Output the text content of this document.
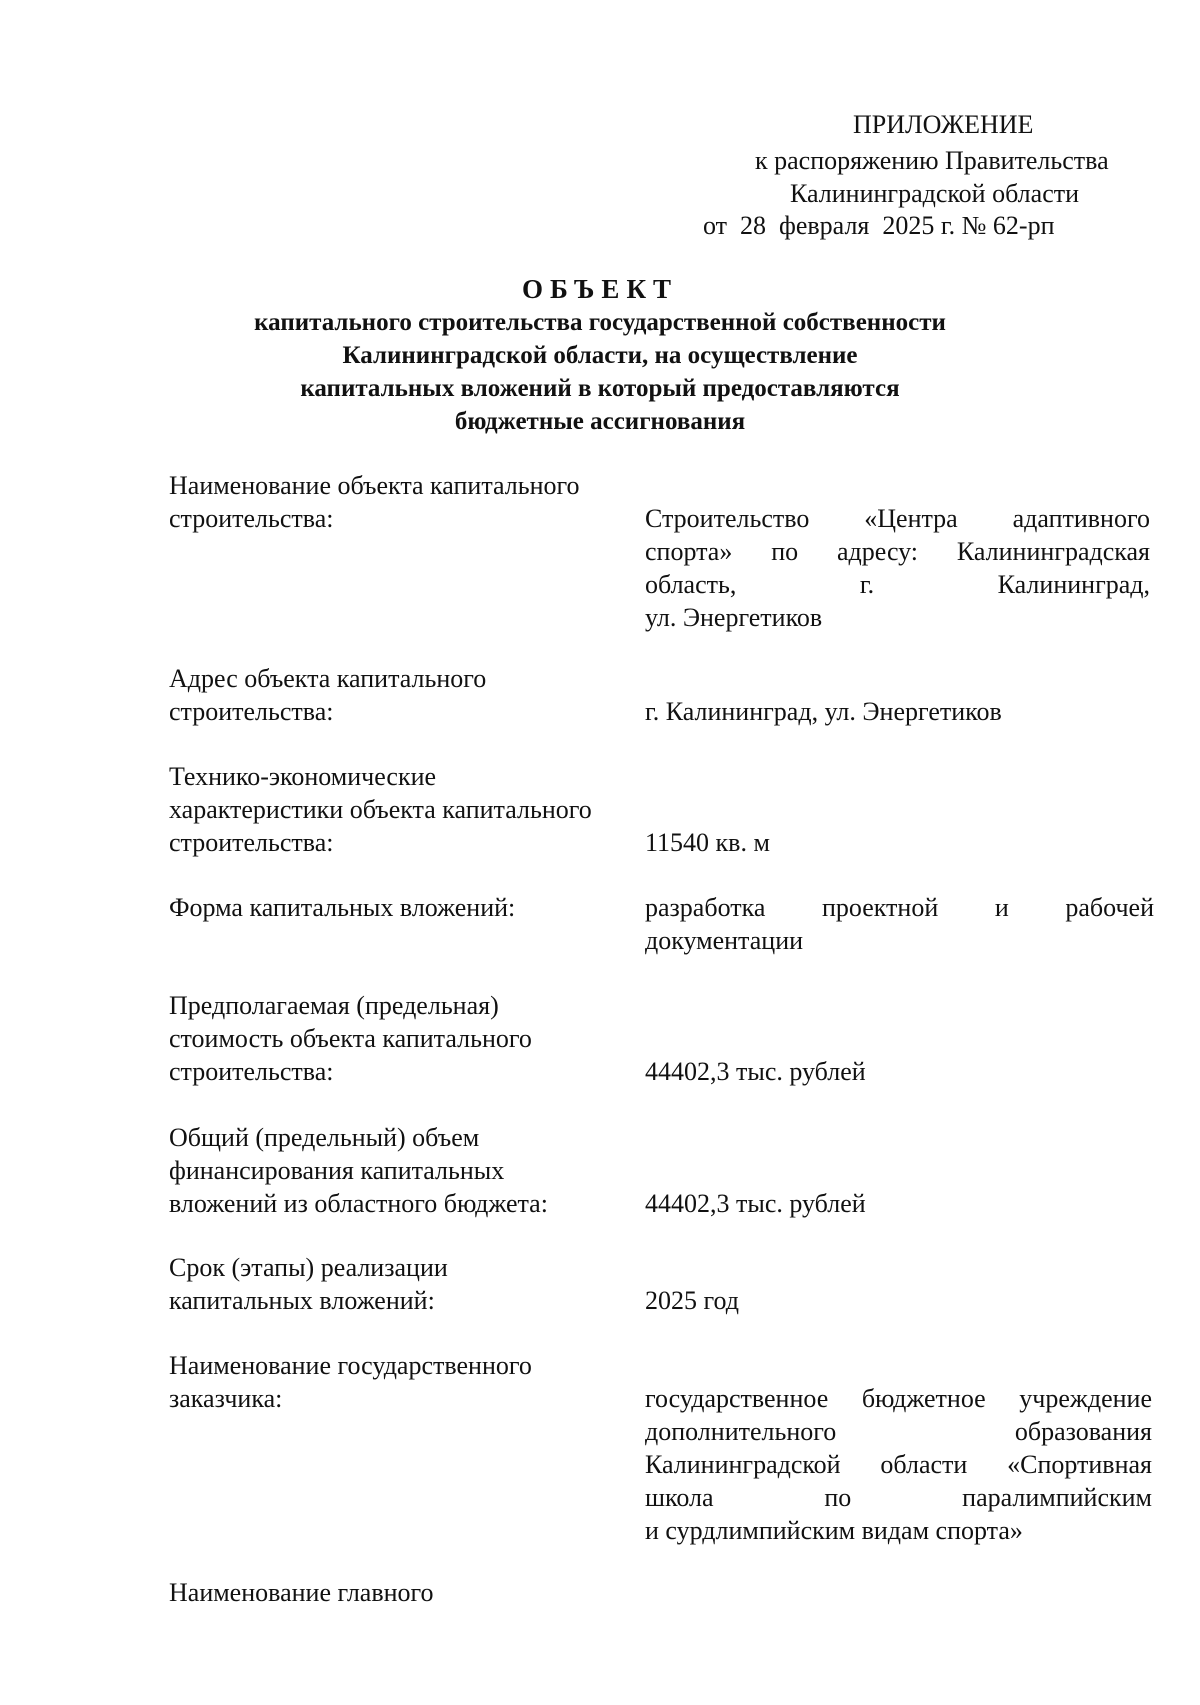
ПРИЛОЖЕНИЕ
к распоряжению Правительства
Калининградской области
от  28  февраля  2025 г. № 62-рп
ОБЪЕКТ
капитального строительства государственной собственности
Калининградской области, на осуществление
капитальных вложений в который предоставляются
бюджетные ассигнования
Наименование объекта капитального
строительства:	Строительство «Центра адаптивного
спорта» по адресу: Калининградская
область, г. Калининград,
ул. Энергетиков
Адрес объекта капитального
строительства:	г. Калининград, ул. Энергетиков
Технико-экономические
характеристики объекта капитального
строительства:	11540 кв. м
Форма капитальных вложений:	разработка проектной и рабочей
документации
Предполагаемая (предельная)
стоимость объекта капитального
строительства:	44402,3 тыс. рублей
Общий (предельный) объем
финансирования капитальных
вложений из областного бюджета:	44402,3 тыс. рублей
Срок (этапы) реализации
капитальных вложений:	2025 год
Наименование государственного
заказчика:	государственное бюджетное учреждение
дополнительного образования
Калининградской области «Спортивная
школа по паралимпийским
и сурдлимпийским видам спорта»
Наименование главного
